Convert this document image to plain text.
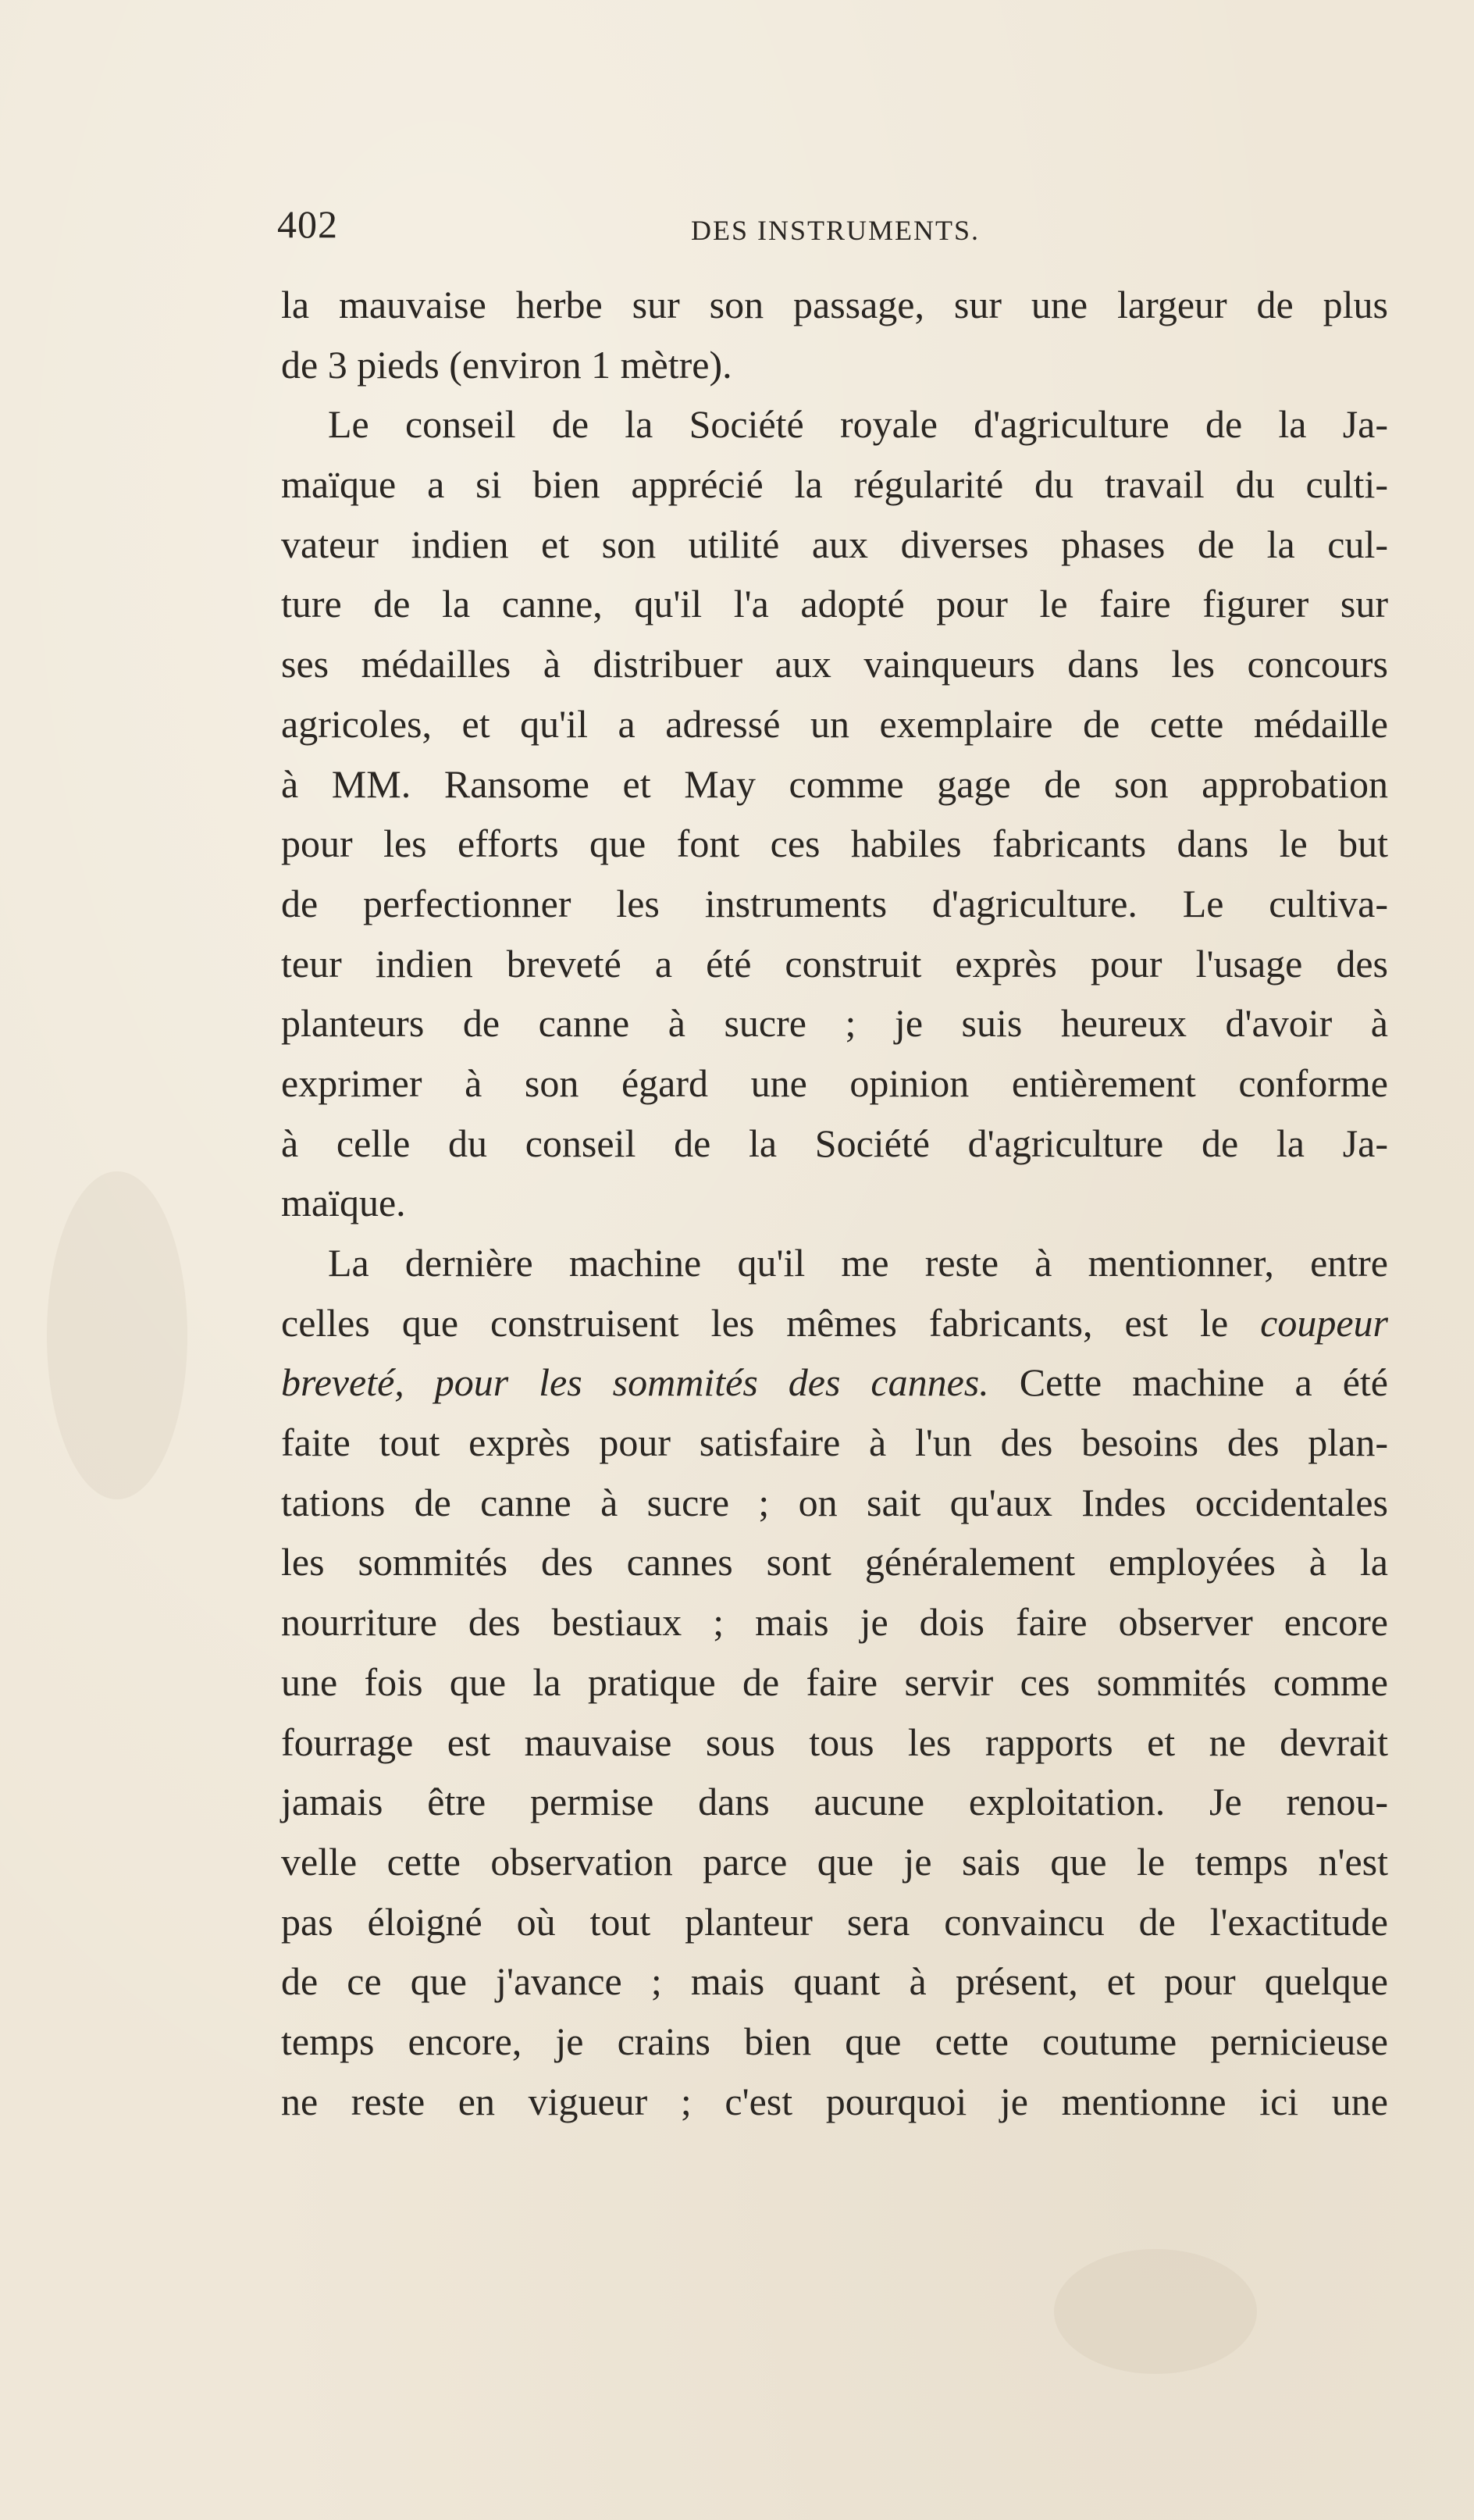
402	DES INSTRUMENTS.
la mauvaise herbe sur son passage, sur une largeur de plus
de 3 pieds (environ 1 mètre).
Le conseil de la Société royale d'agriculture de la Ja-
maïque a si bien apprécié la régularité du travail du culti-
vateur indien et son utilité aux diverses phases de la cul-
ture de la canne, qu'il l'a adopté pour le faire figurer sur
ses médailles à distribuer aux vainqueurs dans les concours
agricoles, et qu'il a adressé un exemplaire de cette médaille
à MM. Ransome et May comme gage de son approbation
pour les efforts que font ces habiles fabricants dans le but
de perfectionner les instruments d'agriculture. Le cultiva-
teur indien breveté a été construit exprès pour l'usage des
planteurs de canne à sucre ; je suis heureux d'avoir à
exprimer à son égard une opinion entièrement conforme
à celle du conseil de la Société d'agriculture de la Ja-
maïque.
La dernière machine qu'il me reste à mentionner, entre
celles que construisent les mêmes fabricants, est le coupeur
breveté, pour les sommités des cannes. Cette machine a été
faite tout exprès pour satisfaire à l'un des besoins des plan-
tations de canne à sucre ; on sait qu'aux Indes occidentales
les sommités des cannes sont généralement employées à la
nourriture des bestiaux ; mais je dois faire observer encore
une fois que la pratique de faire servir ces sommités comme
fourrage est mauvaise sous tous les rapports et ne devrait
jamais être permise dans aucune exploitation. Je renou-
velle cette observation parce que je sais que le temps n'est
pas éloigné où tout planteur sera convaincu de l'exactitude
de ce que j'avance ; mais quant à présent, et pour quelque
temps encore, je crains bien que cette coutume pernicieuse
ne reste en vigueur ; c'est pourquoi je mentionne ici une
